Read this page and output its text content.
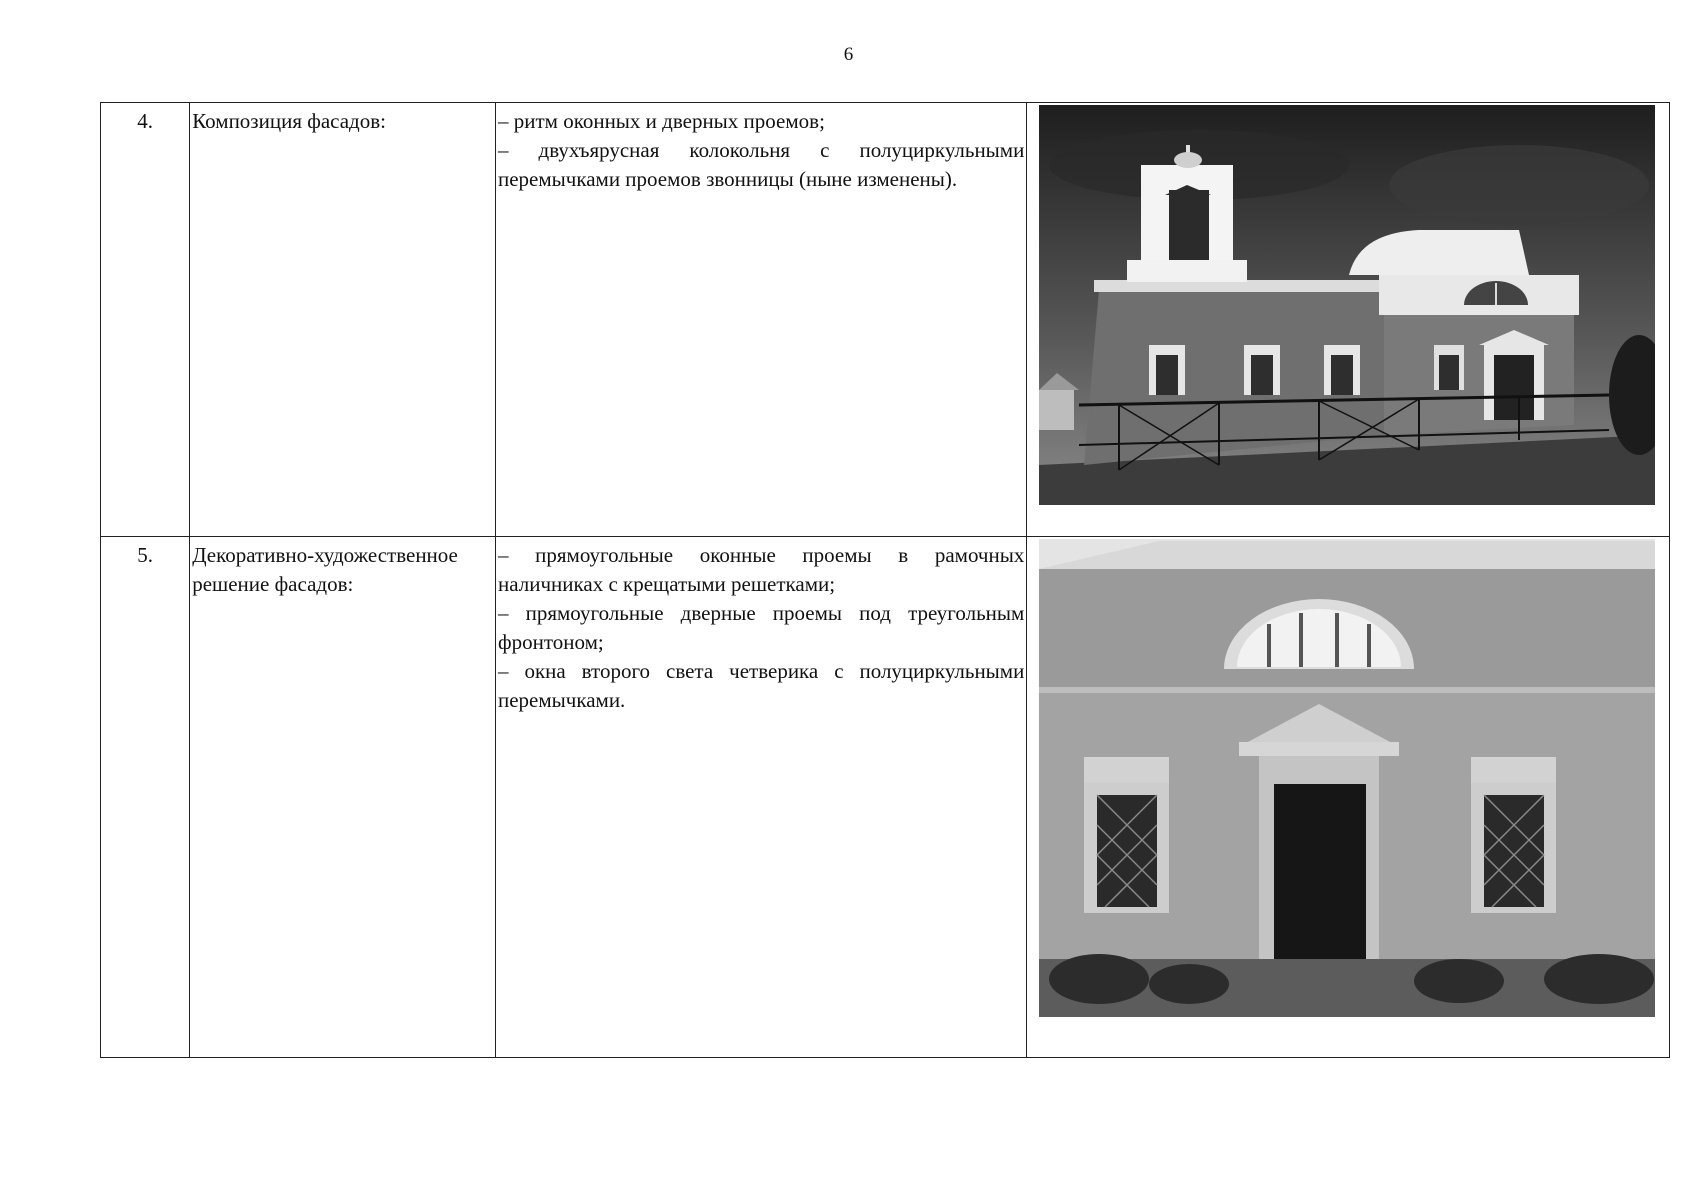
6
4.	Композиция фасадов:	– ритм оконных и дверных проемов;
– двухъярусная колокольня с полуциркульными перемычками проемов звонницы (ныне изменены).

5.	Декоративно-художественное решение фасадов:	– прямоугольные оконные проемы в рамочных наличниках с крещатыми решетками;
– прямоугольные дверные проемы под треугольным фронтоном;
– окна второго света четверика с полуциркульными перемычками.
